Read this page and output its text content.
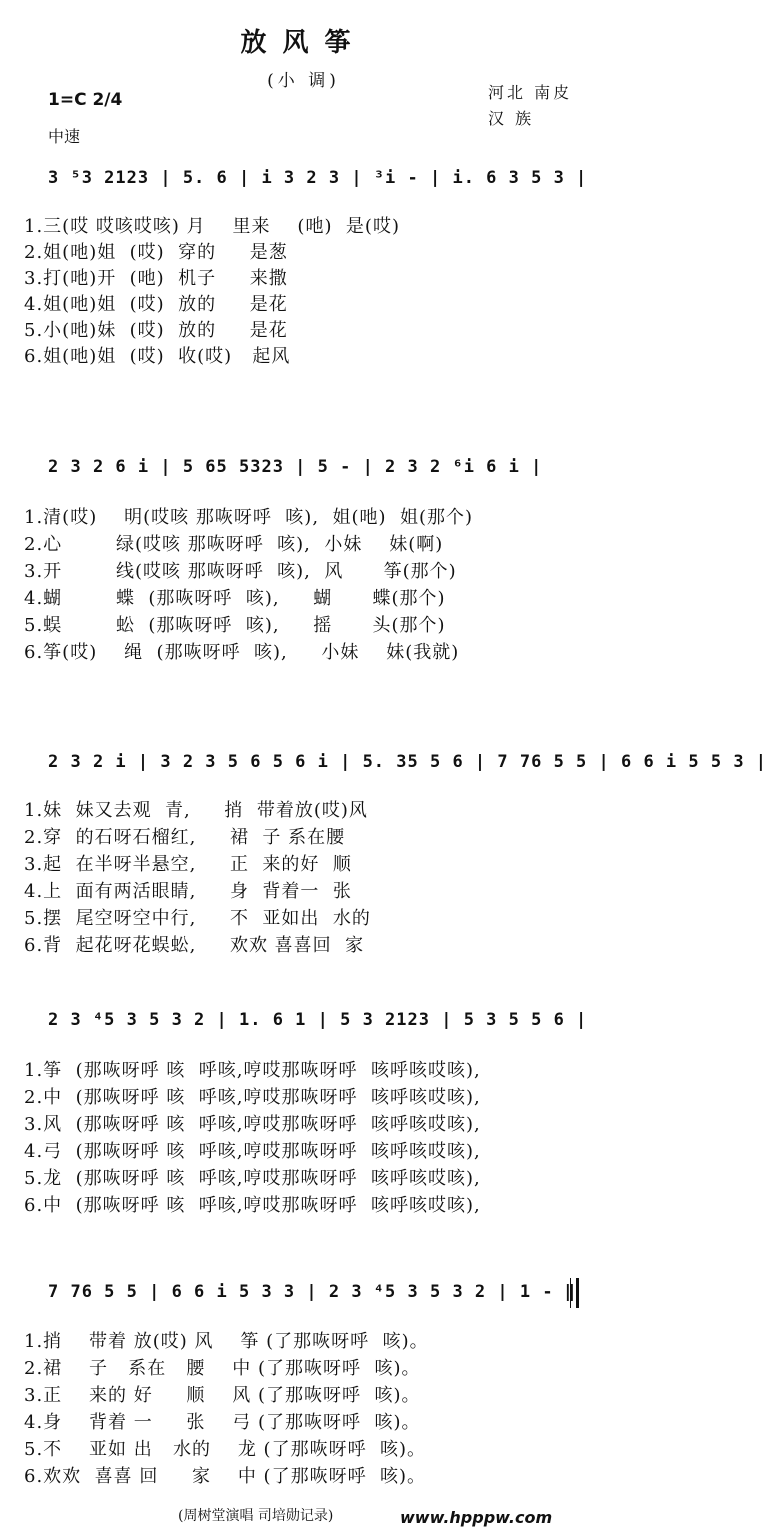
放风筝
(小 调)
1=C 2/4
中速
河北 南皮
汉 族
3 ⁵3 2123 | 5. 6 | i 3 2 3 | ³i - | i. 6 3 5 3 |
1.三(哎 哎咳哎咳) 月    里来    (吔)  是(哎)
2.姐(吔)姐  (哎)  穿的     是葱
3.打(吔)开  (吔)  机子     来撒
4.姐(吔)姐  (哎)  放的     是花
5.小(吔)妹  (哎)  放的     是花
6.姐(吔)姐  (哎)  收(哎)   起风
2 3 2 6 i | 5 65 5323 | 5 - | 2 3 2 ⁶i 6 i |
1.清(哎)    明(哎咳 那咴呀呼  咳),  姐(吔)  姐(那个)
2.心        绿(哎咳 那咴呀呼  咳),  小妹    妹(啊)
3.开        线(哎咳 那咴呀呼  咳),  风      筝(那个)
4.蝴        蝶  (那咴呀呼  咳),     蝴      蝶(那个)
5.蜈        蚣  (那咴呀呼  咳),     摇      头(那个)
6.筝(哎)    绳  (那咴呀呼  咳),     小妹    妹(我就)
2 3 2 i | 3 2 3 5 6 5 6 i | 5. 35 5 6 | 7 76 5 5 | 6 6 i 5 5 3 |
1.妹  妹又去观  青,     捎  带着放(哎)风
2.穿  的石呀石榴红,     裙  子 系在腰
3.起  在半呀半悬空,     正  来的好  顺
4.上  面有两活眼睛,     身  背着一  张
5.摆  尾空呀空中行,     不  亚如出  水的
6.背  起花呀花蜈蚣,     欢欢 喜喜回  家
2 3 ⁴5 3 5 3 2 | 1. 6 1 | 5 3 2123 | 5 3 5 5 6 |
1.筝  (那咴呀呼 咳  呼咳,哼哎那咴呀呼  咳呼咳哎咳),
2.中  (那咴呀呼 咳  呼咳,哼哎那咴呀呼  咳呼咳哎咳),
3.风  (那咴呀呼 咳  呼咳,哼哎那咴呀呼  咳呼咳哎咳),
4.弓  (那咴呀呼 咳  呼咳,哼哎那咴呀呼  咳呼咳哎咳),
5.龙  (那咴呀呼 咳  呼咳,哼哎那咴呀呼  咳呼咳哎咳),
6.中  (那咴呀呼 咳  呼咳,哼哎那咴呀呼  咳呼咳哎咳),
7 76 5 5 | 6 6 i 5 3 3 | 2 3 ⁴5 3 5 3 2 | 1 - ‖
1.捎    带着 放(哎) 风    筝 (了那咴呀呼  咳)。
2.裙    子   系在   腰    中 (了那咴呀呼  咳)。
3.正    来的 好     顺    风 (了那咴呀呼  咳)。
4.身    背着 一     张    弓 (了那咴呀呼  咳)。
5.不    亚如 出   水的    龙 (了那咴呀呼  咳)。
6.欢欢  喜喜 回     家    中 (了那咴呀呼  咳)。
(周树堂演唱 司培勋记录)	www.hpppw.com
